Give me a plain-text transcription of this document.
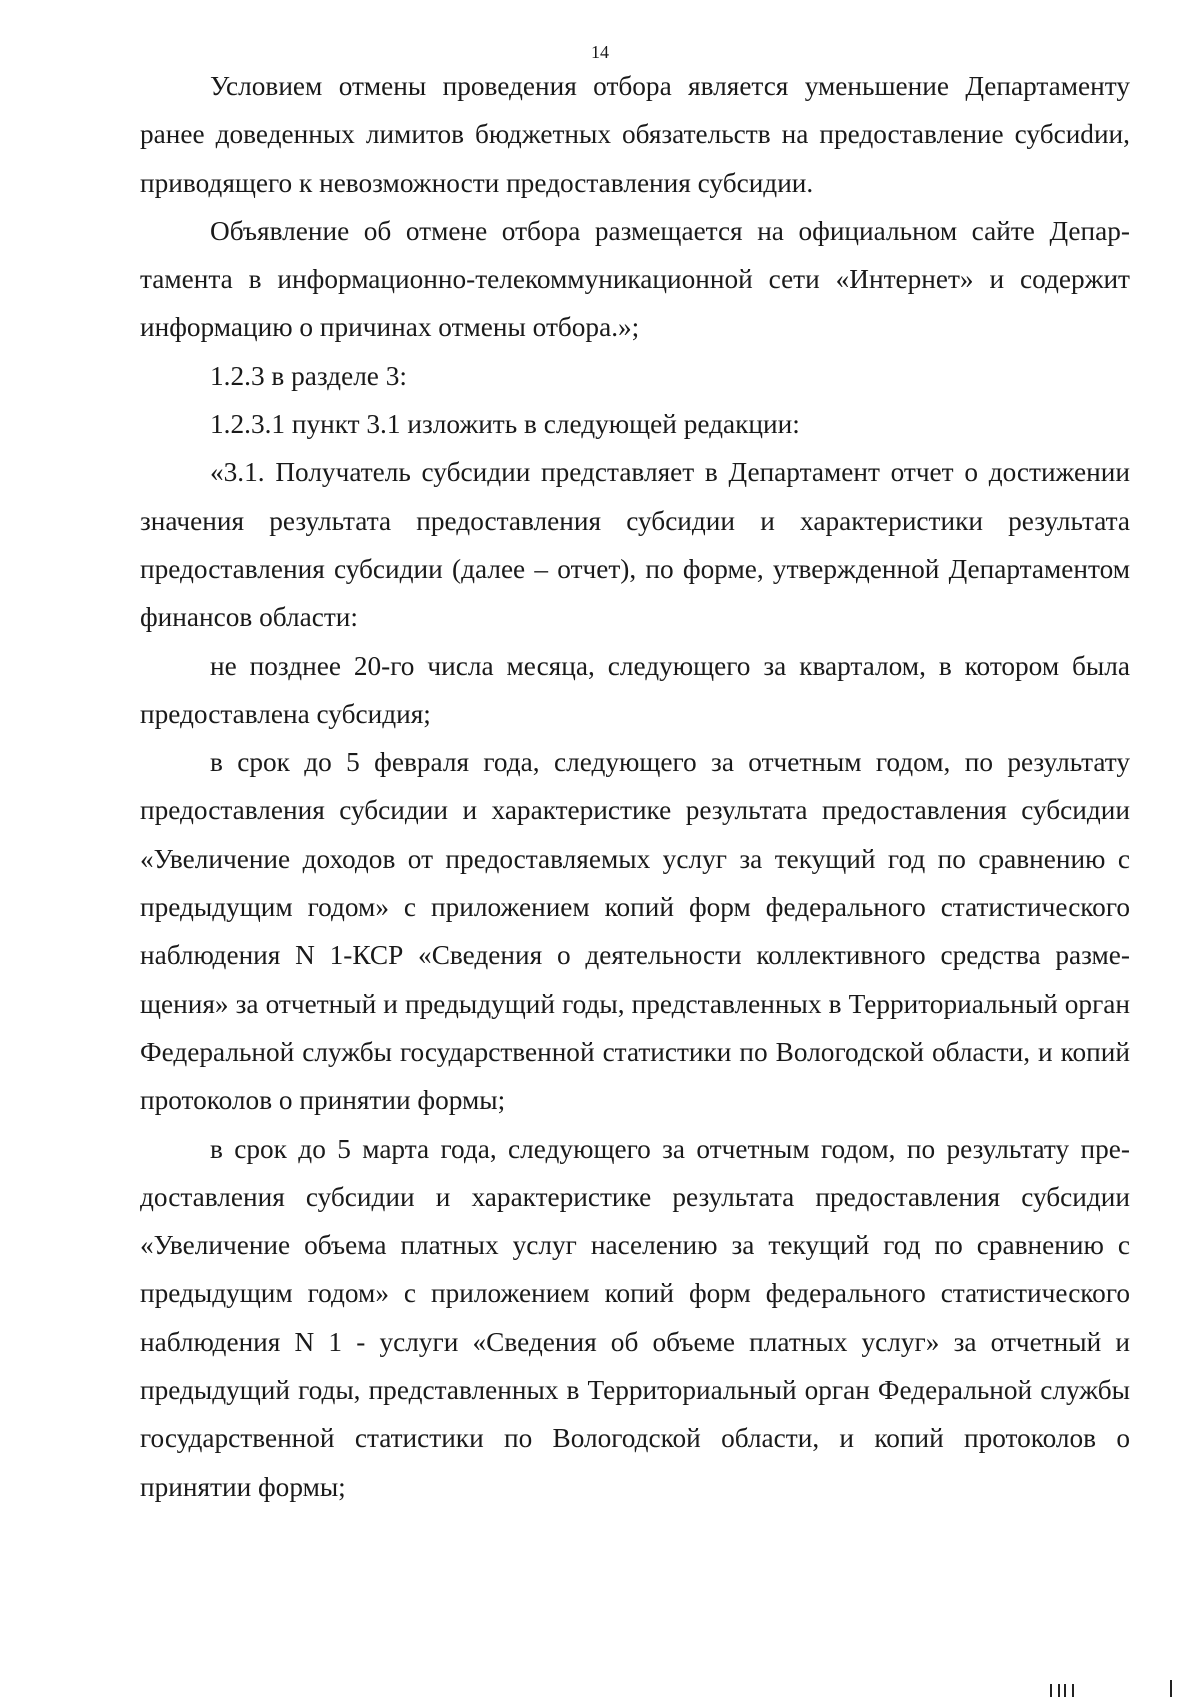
14

Условием отмены проведения отбора является уменьшение Департаменту ранее доведенных лимитов бюджетных обязательств на предоставление субсиdии, приводящего к невозможности предоставления субсидии.

Объявление об отмене отбора размещается на официальном сайте Департамента в информационно-телекоммуникационной сети «Интернет» и содержит информацию о причинах отмены отбора.»;

1.2.3 в разделе 3:

1.2.3.1 пункт 3.1 изложить в следующей редакции:

«3.1. Получатель субсидии представляет в Департамент отчет о достижении значения результата предоставления субсидии и характеристики результата предоставления субсидии (далее – отчет), по форме, утвержденной Департаментом финансов области:

не позднее 20-го числа месяца, следующего за кварталом, в котором была предоставлена субсидия;

в срок до 5 февраля года, следующего за отчетным годом, по результату предоставления субсидии и характеристике результата предоставления субсидии «Увеличение доходов от предоставляемых услуг за текущий год по сравнению с предыдущим годом» с приложением копий форм федерального статистического наблюдения N 1-КСР «Сведения о деятельности коллективного средства размещения» за отчетный и предыдущий годы, представленных в Территориальный орган Федеральной службы государственной статистики по Вологодской области, и копий протоколов о принятии формы;

в срок до 5 марта года, следующего за отчетным годом, по результату предоставления субсидии и характеристике результата предоставления субсидии «Увеличение объема платных услуг населению за текущий год по сравнению с предыдущим годом» с приложением копий форм федерального статистического наблюдения N 1 - услуги «Сведения об объеме платных услуг» за отчетный и предыдущий годы, представленных в Территориальный орган Федеральной службы государственной статистики по Вологодской области, и копий протоколов о принятии формы;
